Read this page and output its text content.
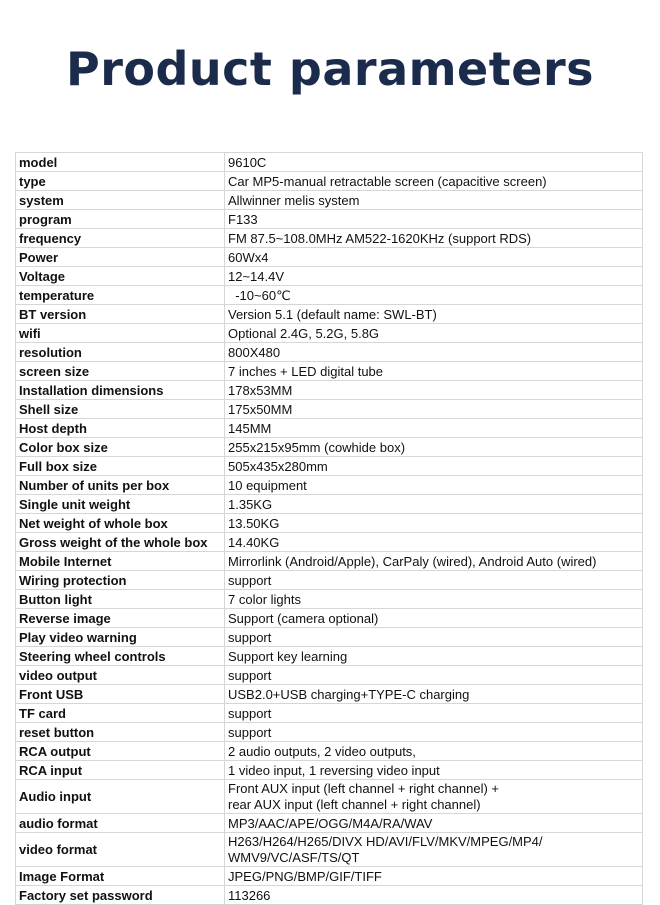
Product parameters
model	9610C

type	Car MP5-manual retractable screen (capacitive screen)

system	Allwinner melis system

program	F133

frequency	FM 87.5~108.0MHz AM522-1620KHz (support RDS)

Power	60Wx4

Voltage	12~14.4V

temperature	-10~60℃

BT version	Version 5.1 (default name: SWL-BT)

wifi	Optional 2.4G, 5.2G, 5.8G

resolution	800X480

screen size	7 inches + LED digital tube

Installation dimensions	178x53MM

Shell size	175x50MM

Host depth	145MM

Color box size	255x215x95mm (cowhide box)

Full box size	505x435x280mm

Number of units per box	10 equipment

Single unit weight	1.35KG

Net weight of whole box	13.50KG

Gross weight of the whole box	14.40KG

Mobile Internet	Mirrorlink (Android/Apple), CarPaly (wired), Android Auto (wired)

Wiring protection	support

Button light	7 color lights

Reverse image	Support (camera optional)

Play video warning	support

Steering wheel controls	Support key learning

video output	support

Front USB	USB2.0+USB charging+TYPE-C charging

TF card	support

reset button	support

RCA output	2 audio outputs, 2 video outputs,

RCA input	1 video input, 1 reversing video input

Audio input	Front AUX input (left channel + right channel) +
rear AUX input (left channel + right channel)

audio format	MP3/AAC/APE/OGG/M4A/RA/WAV

video format	H263/H264/H265/DIVX HD/AVI/FLV/MKV/MPEG/MP4/
WMV9/VC/ASF/TS/QT

Image Format	JPEG/PNG/BMP/GIF/TIFF

Factory set password	113266
